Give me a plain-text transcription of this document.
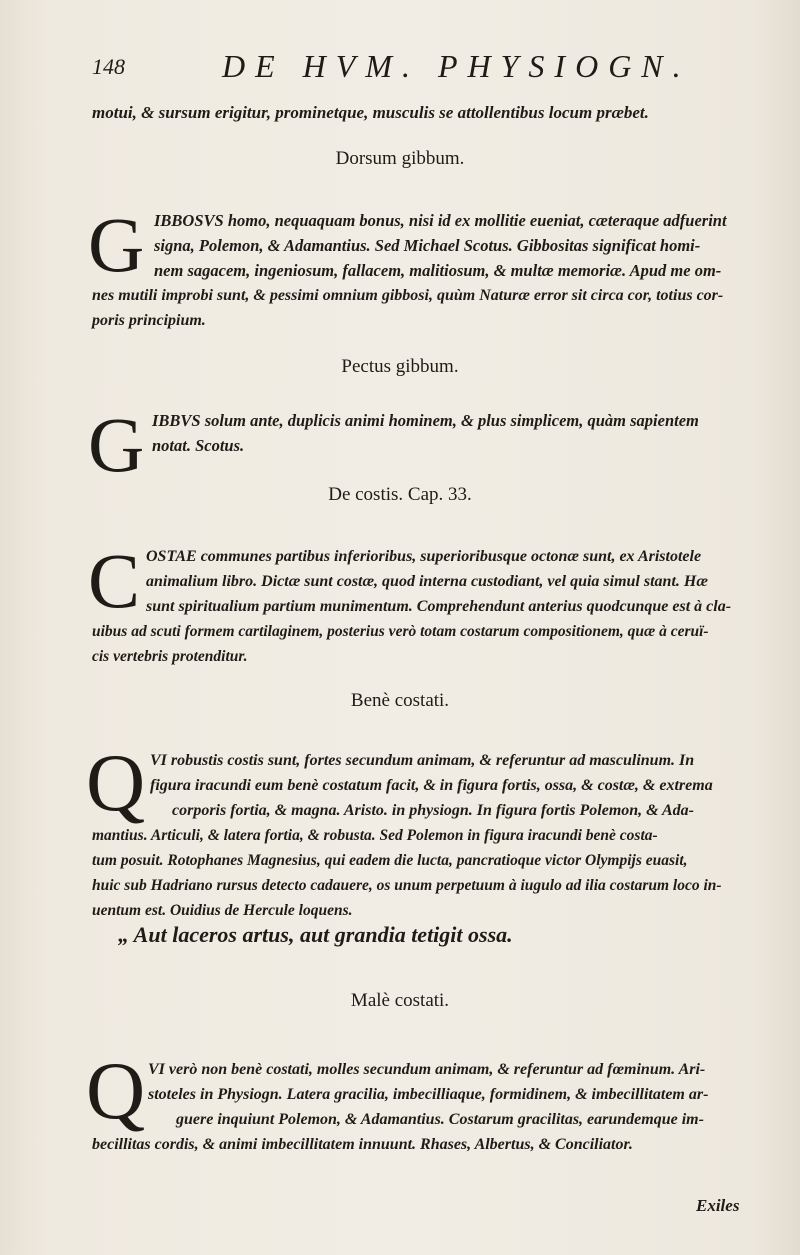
148	DE HVM. PHYSIOGN.
motui, & sursum erigitur, prominetque, musculis se attollentibus locum præbet.
Dorsum gibbum.
G IBBOSVS homo, nequaquam bonus, nisi id ex mollitie eueniat, cæteraque adfuerint
signa, Polemon, & Adamantius. Sed Michael Scotus. Gibbositas significat homi-
nem sagacem, ingeniosum, fallacem, malitiosum, & multæ memoriæ. Apud me om-
nes mutili improbi sunt, & pessimi omnium gibbosi, quùm Naturæ error sit circa cor, totius cor-
poris principium.
Pectus gibbum.
G IBBVS solum ante, duplicis animi hominem, & plus simplicem, quàm sapientem
notat. Scotus.
De costis. Cap. 33.
C OSTAE communes partibus inferioribus, superioribusque octonæ sunt, ex Aristotele
animalium libro. Dictæ sunt costæ, quod interna custodiant, vel quia simul stant. Hæ
sunt spiritualium partium munimentum. Comprehendunt anterius quodcunque est à cla-
uibus ad scuti formem cartilaginem, posterius verò totam costarum compositionem, quæ à ceruï-
cis vertebris protenditur.
Benè costati.
Q VI robustis costis sunt, fortes secundum animam, & referuntur ad masculinum. In
figura iracundi eum benè costatum facit, & in figura fortis, ossa, & costæ, & extrema
corporis fortia, & magna. Aristo. in physiogn. In figura fortis Polemon, & Ada-
mantius. Articuli, & latera fortia, & robusta. Sed Polemon in figura iracundi benè costa-
tum posuit. Rotophanes Magnesius, qui eadem die lucta, pancratioque victor Olympijs euasit,
huic sub Hadriano rursus detecto cadauere, os unum perpetuum à iugulo ad ilia costarum loco in-
uentum est. Ouidius de Hercule loquens.
„ Aut laceros artus, aut grandia tetigit ossa.
Malè costati.
Q VI verò non benè costati, molles secundum animam, & referuntur ad fœminum. Ari-
stoteles in Physiogn. Latera gracilia, imbecilliaque, formidinem, & imbecillitatem ar-
guere inquiunt Polemon, & Adamantius. Costarum gracilitas, earundemque im-
becillitas cordis, & animi imbecillitatem innuunt. Rhases, Albertus, & Conciliator.
Exiles
